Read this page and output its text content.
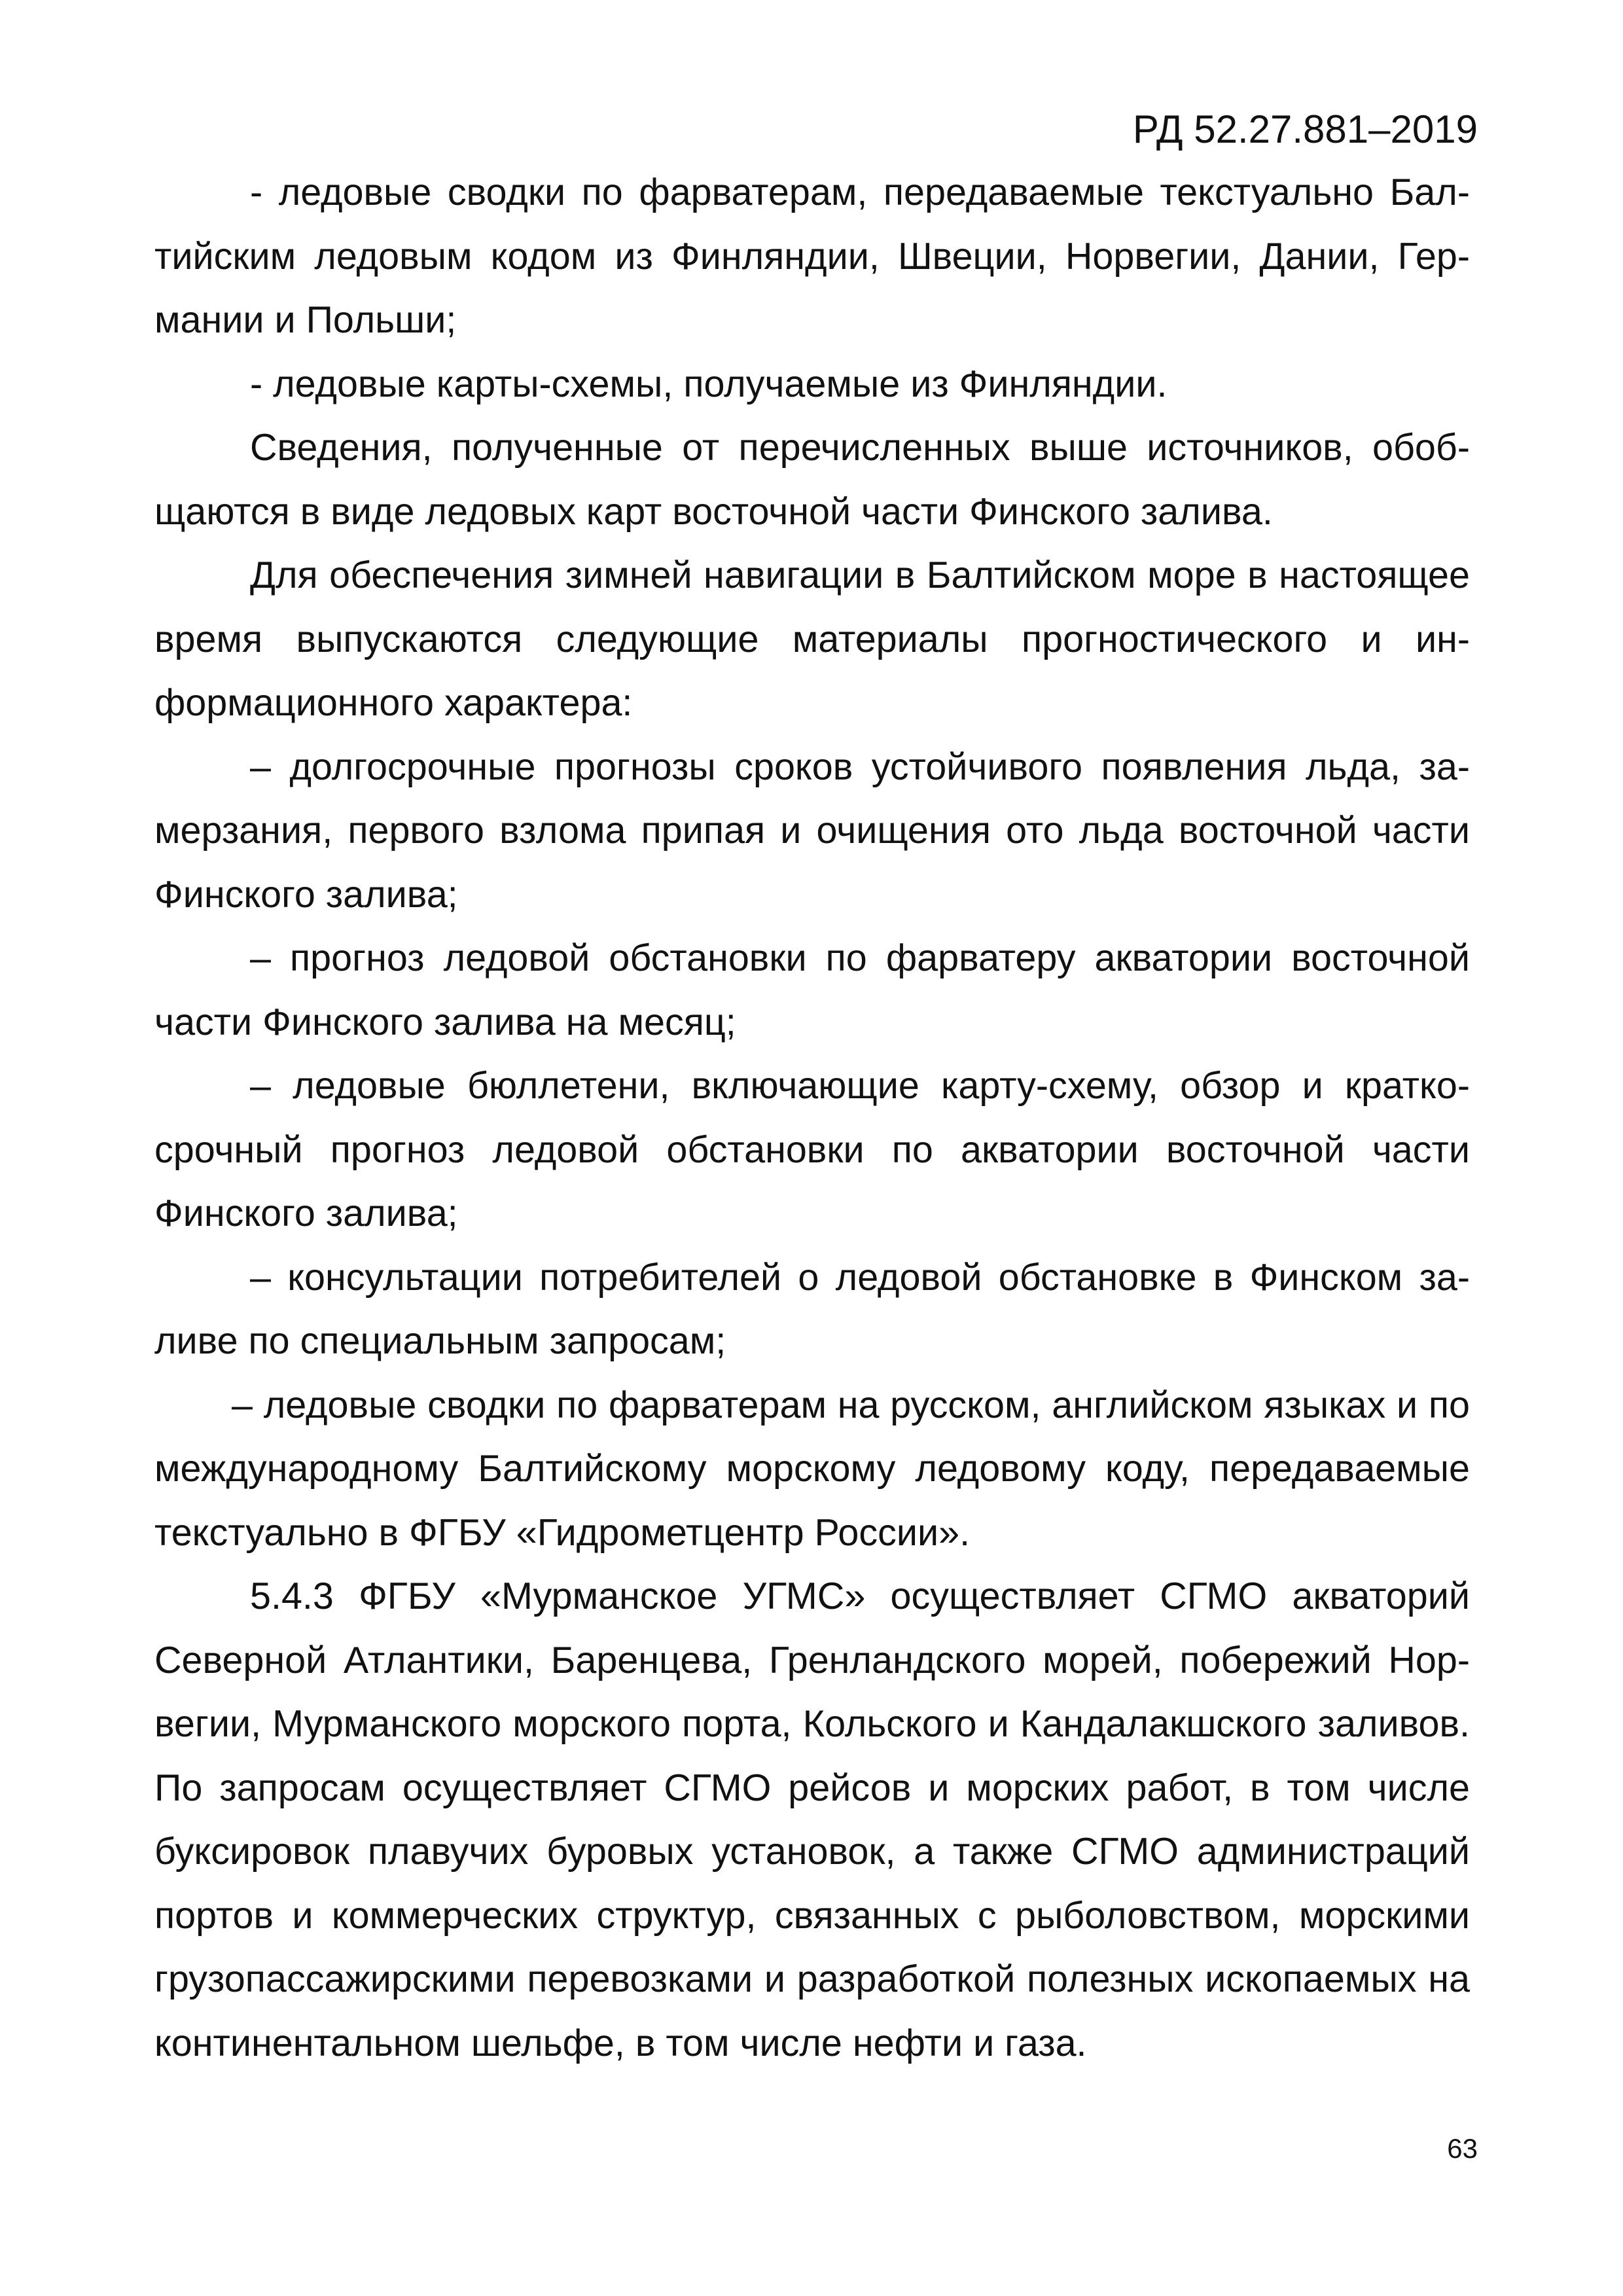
РД 52.27.881–2019

- ледовые сводки по фарватерам, передаваемые текстуально Балтийским ледовым кодом из Финляндии, Швеции, Норвегии, Дании, Германии и Польши;

- ледовые карты-схемы, получаемые из Финляндии.

Сведения, полученные от перечисленных выше источников, обобщаются в виде ледовых карт восточной части Финского залива.

Для обеспечения зимней навигации в Балтийском море в настоящее время выпускаются следующие материалы прогностического и информационного характера:

– долгосрочные прогнозы сроков устойчивого появления льда, замерзания, первого взлома припая и очищения ото льда восточной части Финского залива;

– прогноз ледовой обстановки по фарватеру акватории восточной части Финского залива на месяц;

– ледовые бюллетени, включающие карту-схему, обзор и краткосрочный прогноз ледовой обстановки по акватории восточной части Финского залива;

– консультации потребителей о ледовой обстановке в Финском заливе по специальным запросам;

– ледовые сводки по фарватерам на русском, английском языках и по международному Балтийскому морскому ледовому коду, передаваемые текстуально в ФГБУ «Гидрометцентр России».

5.4.3 ФГБУ «Мурманское УГМС» осуществляет СГМО акваторий Северной Атлантики, Баренцева, Гренландского морей, побережий Норвегии, Мурманского морского порта, Кольского и Кандалакшского заливов. По запросам осуществляет СГМО рейсов и морских работ, в том числе буксировок плавучих буровых установок, а также СГМО администраций портов и коммерческих структур, связанных с рыболовством, морскими грузопассажирскими перевозками и разработкой полезных ископаемых на континентальном шельфе, в том числе нефти и газа.

63
